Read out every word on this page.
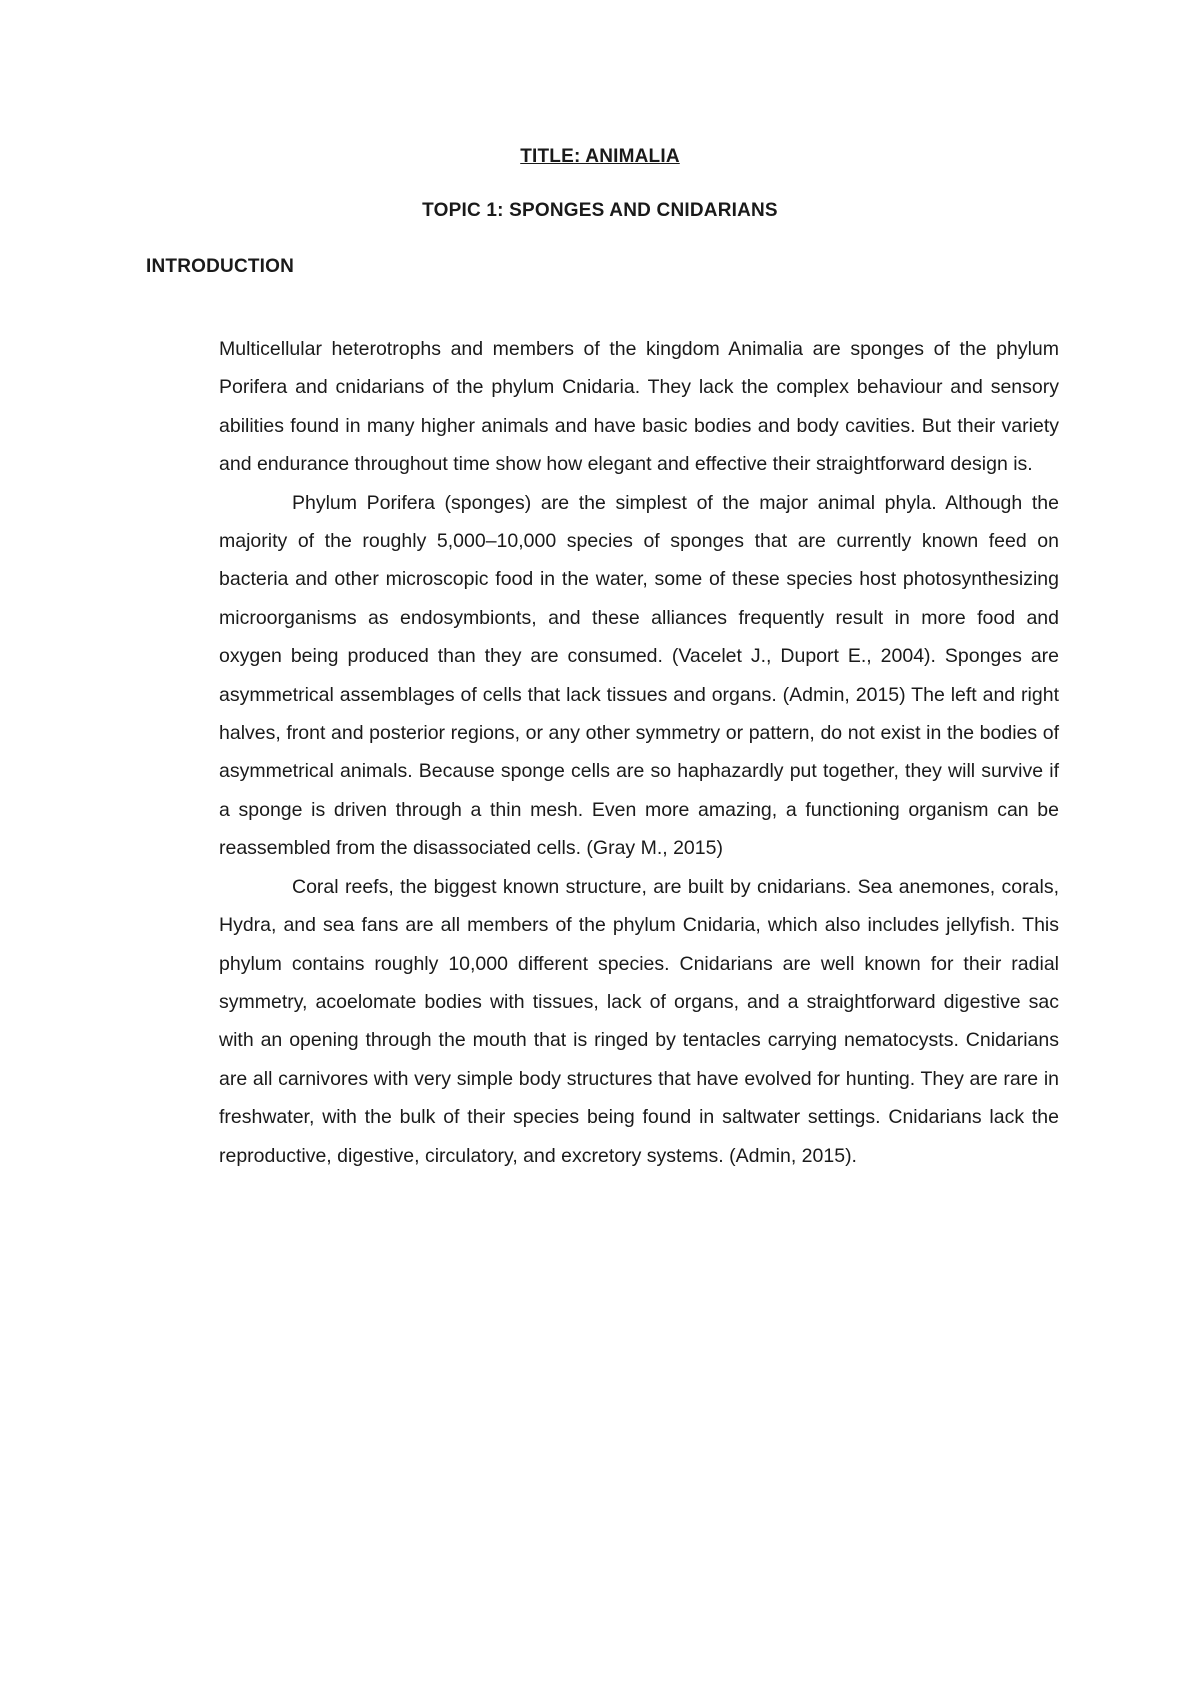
TITLE: ANIMALIA
TOPIC 1: SPONGES AND CNIDARIANS
INTRODUCTION

Multicellular heterotrophs and members of the kingdom Animalia are sponges of the phylum Porifera and cnidarians of the phylum Cnidaria. They lack the complex behaviour and sensory abilities found in many higher animals and have basic bodies and body cavities. But their variety and endurance throughout time show how elegant and effective their straightforward design is.

Phylum Porifera (sponges) are the simplest of the major animal phyla. Although the majority of the roughly 5,000–10,000 species of sponges that are currently known feed on bacteria and other microscopic food in the water, some of these species host photosynthesizing microorganisms as endosymbionts, and these alliances frequently result in more food and oxygen being produced than they are consumed. (Vacelet J., Duport E., 2004). Sponges are asymmetrical assemblages of cells that lack tissues and organs. (Admin, 2015) The left and right halves, front and posterior regions, or any other symmetry or pattern, do not exist in the bodies of asymmetrical animals. Because sponge cells are so haphazardly put together, they will survive if a sponge is driven through a thin mesh. Even more amazing, a functioning organism can be reassembled from the disassociated cells. (Gray M., 2015)

Coral reefs, the biggest known structure, are built by cnidarians. Sea anemones, corals, Hydra, and sea fans are all members of the phylum Cnidaria, which also includes jellyfish. This phylum contains roughly 10,000 different species. Cnidarians are well known for their radial symmetry, acoelomate bodies with tissues, lack of organs, and a straightforward digestive sac with an opening through the mouth that is ringed by tentacles carrying nematocysts. Cnidarians are all carnivores with very simple body structures that have evolved for hunting. They are rare in freshwater, with the bulk of their species being found in saltwater settings. Cnidarians lack the reproductive, digestive, circulatory, and excretory systems. (Admin, 2015).
